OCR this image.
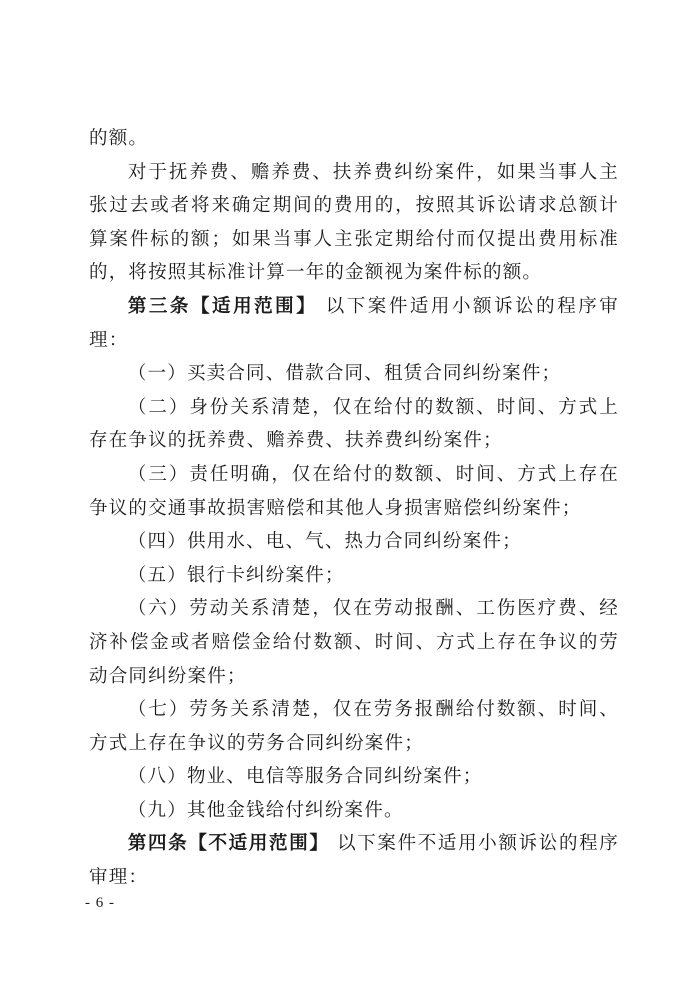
的额。

对于抚养费、赡养费、扶养费纠纷案件，如果当事人主张过去或者将来确定期间的费用的，按照其诉讼请求总额计算案件标的额；如果当事人主张定期给付而仅提出费用标准的，将按照其标准计算一年的金额视为案件标的额。

第三条【适用范围】 以下案件适用小额诉讼的程序审理：

（一）买卖合同、借款合同、租赁合同纠纷案件；

（二）身份关系清楚，仅在给付的数额、时间、方式上存在争议的抚养费、赡养费、扶养费纠纷案件；

（三）责任明确，仅在给付的数额、时间、方式上存在争议的交通事故损害赔偿和其他人身损害赔偿纠纷案件；

（四）供用水、电、气、热力合同纠纷案件；

（五）银行卡纠纷案件；

（六）劳动关系清楚，仅在劳动报酬、工伤医疗费、经济补偿金或者赔偿金给付数额、时间、方式上存在争议的劳动合同纠纷案件；

（七）劳务关系清楚，仅在劳务报酬给付数额、时间、方式上存在争议的劳务合同纠纷案件；

（八）物业、电信等服务合同纠纷案件；

（九）其他金钱给付纠纷案件。

第四条【不适用范围】 以下案件不适用小额诉讼的程序审理：

- 6 -
